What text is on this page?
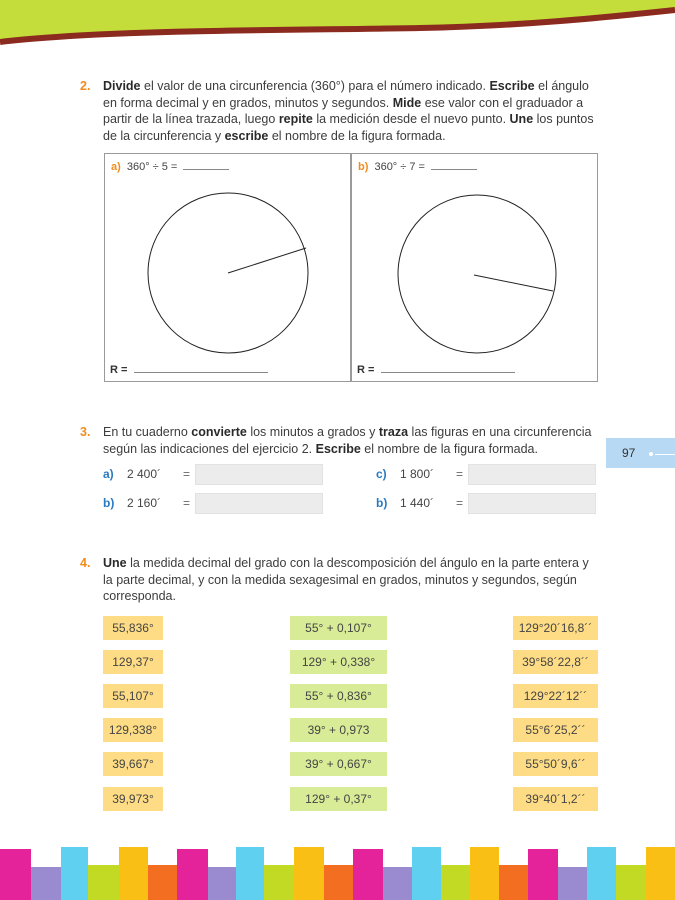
2. Divide el valor de una circunferencia (360°) para el número indicado. Escribe el ángulo en forma decimal y en grados, minutos y segundos. Mide ese valor con el graduador a partir de la línea trazada, luego repite la medición desde el nuevo punto. Une los puntos de la circunferencia y escribe el nombre de la figura formada.
a) 360° ÷ 5 =
R =
b) 360° ÷ 7 =
R =
3. En tu cuaderno convierte los minutos a grados y traza las figuras en una circunferencia según las indicaciones del ejercicio 2. Escribe el nombre de la figura formada.
a) 2 400´ =	c) 1 800´ =
b) 2 160´ =	b) 1 440´ =
97
4. Une la medida decimal del grado con la descomposición del ángulo en la parte entera y la parte decimal, y con la medida sexagesimal en grados, minutos y segundos, según corresponda.
55,836°
129,37°
55,107°
129,338°
39,667°
39,973°
55° + 0,107°
129° + 0,338°
55° + 0,836°
39° + 0,973
39° + 0,667°
129° + 0,37°
129°20´16,8´´
39°58´22,8´´
129°22´12´´
55°6´25,2´´
55°50´9,6´´
39°40´1,2´´
